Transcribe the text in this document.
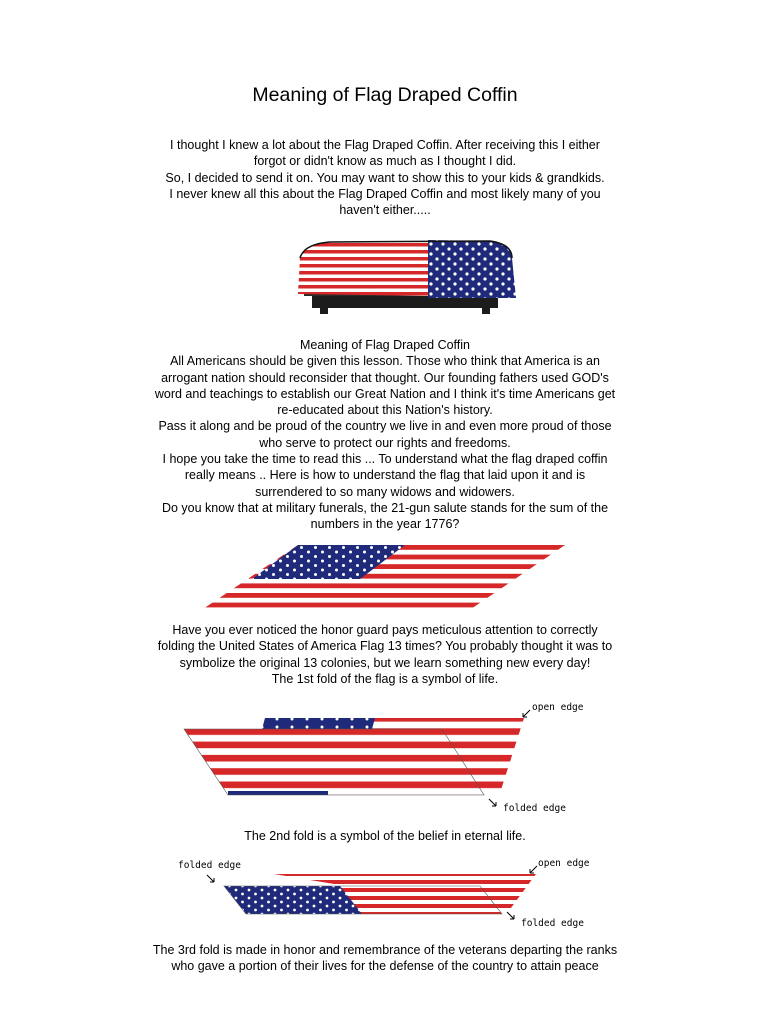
Meaning of Flag Draped Coffin
I thought I knew a lot about the Flag Draped Coffin. After receiving this I either
forgot or didn't know as much as I thought I did.
So, I decided to send it on. You may want to show this to your kids & grandkids.
I never knew all this about the Flag Draped Coffin and most likely many of you
haven't either.....
Meaning of Flag Draped Coffin
All Americans should be given this lesson. Those who think that America is an
arrogant nation should reconsider that thought. Our founding fathers used GOD's
word and teachings to establish our Great Nation and I think it's time Americans get
re-educated about this Nation's history.
Pass it along and be proud of the country we live in and even more proud of those
who serve to protect our rights and freedoms.
I hope you take the time to read this ... To understand what the flag draped coffin
really means .. Here is how to understand the flag that laid upon it and is
surrendered to so many widows and widowers.
Do you know that at military funerals, the 21-gun salute stands for the sum of the
numbers in the year 1776?
Have you ever noticed the honor guard pays meticulous attention to correctly
folding the United States of America Flag 13 times? You probably thought it was to
symbolize the original 13 colonies, but we learn something new every day!
The 1st fold of the flag is a symbol of life.
open edge
folded edge
The 2nd fold is a symbol of the belief in eternal life.
folded edge	open edge
folded edge
The 3rd fold is made in honor and remembrance of the veterans departing the ranks
who gave a portion of their lives for the defense of the country to attain peace
